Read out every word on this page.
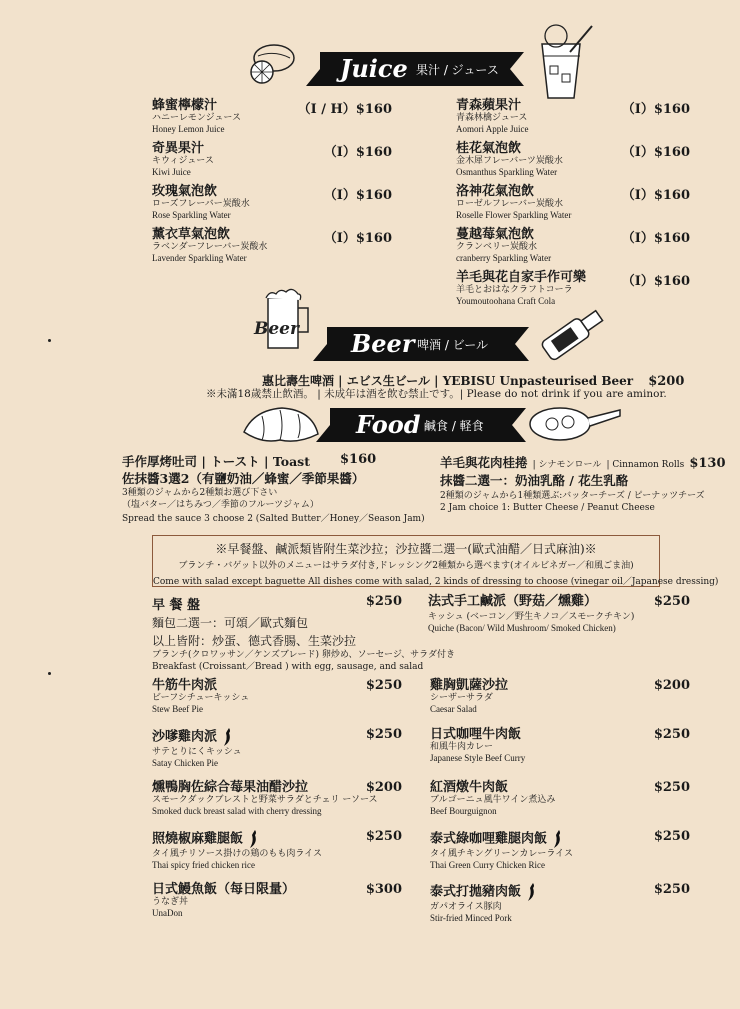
Juice 果汁 / ジュース
蜂蜜檸檬汁
ハニーレモンジュース
Honey Lemon Juice
（I / H）$160
奇異果汁
キウィジュース
Kiwi Juice
（I）$160
玫瑰氣泡飲
ローズフレーバー炭酸水
Rose Sparkling Water
（I）$160
薰衣草氣泡飲
ラベンダーフレーバー炭酸水
Lavender Sparkling Water
（I）$160
青森蘋果汁
青森林檎ジュース
Aomori Apple Juice
（I）$160
桂花氣泡飲
金木犀フレーバーツ炭酸水
Osmanthus Sparkling Water
（I）$160
洛神花氣泡飲
ローゼルフレーバー炭酸水
Roselle Flower Sparkling Water
（I）$160
蔓越莓氣泡飲
クランベリー炭酸水
cranberry Sparkling Water
（I）$160
羊毛與花自家手作可樂
羊毛とおはなクラフトコーラ
Youmoutoohana Craft Cola
（I）$160
Beer Beer 啤酒 / ビール
惠比壽生啤酒 | エビス生ビール | YEBISU Unpasteurised Beer $200
※未滿18歲禁止飲酒。 | 未成年は酒を飲む禁止です。| Please do not drink if you are aminor.
Food 鹹食 / 軽食
手作厚烤吐司 | トースト | Toast	$160
佐抹醬3選2（有鹽奶油／蜂蜜／季節果醬）
3種類のジャムから2種類お選び下さい
（塩バター／はちみつ／季節のフルーツジャム）
Spread the sauce 3 choose 2 (Salted Butter／Honey／Season Jam)
羊毛與花肉桂捲 | シナモンロール | Cinnamon Rolls $130
抹醬二選一：奶油乳酪 / 花生乳酪
2種類のジャムから1種類選ぶ:バッターチーズ / ピーナッツチーズ
2 Jam choice 1: Butter Cheese / Peanut Cheese
※早餐盤、鹹派類皆附生菜沙拉；沙拉醬二選一(歐式油醋／日式麻油)※
ブランチ・バゲット以外のメニューはサラダ付き,ドレッシング2種類から選べます(オイルビネガー／和風ごま油)
Come with salad except baguette All dishes come with salad, 2 kinds of dressing to choose (vinegar oil／Japanese dressing)
早 餐 盤	$250
麵包二選一：可頌／歐式麵包
以上皆附：炒蛋、德式香腸、生菜沙拉
ブランチ(クロワッサン／ケンズブレード) 卵炒め、ソーセージ、サラダ付き
Breakfast (Croissant／Bread ) with egg, sausage, and salad
法式手工鹹派（野菇／燻雞）
キッシュ (ベーコン／野生キノコ／スモークチキン)
Quiche (Bacon/ Wild Mushroom/ Smoked Chicken)
$250
牛筋牛肉派
ビーフシチューキッシュ
Stew Beef Pie
$250
沙嗲雞肉派
サテとりにくキッシュ
Satay Chicken Pie
$250
燻鴨胸佐綜合莓果油醋沙拉
スモークダックブレストと野菜サラダとチェリ ーソース
Smoked duck breast salad with cherry dressing
$200
照燒椒麻雞腿飯
タイ風チリソース掛けの鶏のもも肉ライス
Thai spicy fried chicken rice
$250
日式鰻魚飯（每日限量）
うなぎ丼
UnaDon
$300
雞胸凱薩沙拉
シーザーサラダ
Caesar Salad
$200
日式咖哩牛肉飯
和風牛肉カレー
Japanese Style Beef Curry
$250
紅酒燉牛肉飯
ブルゴーニュ風牛ワイン煮込み
Beef Bourguignon
$250
泰式綠咖哩雞腿肉飯
タイ風チキングリーンカレーライス
Thai Green Curry Chicken Rice
$250
泰式打拋豬肉飯
ガパオライス豚肉
Stir-fried Minced Pork
$250
